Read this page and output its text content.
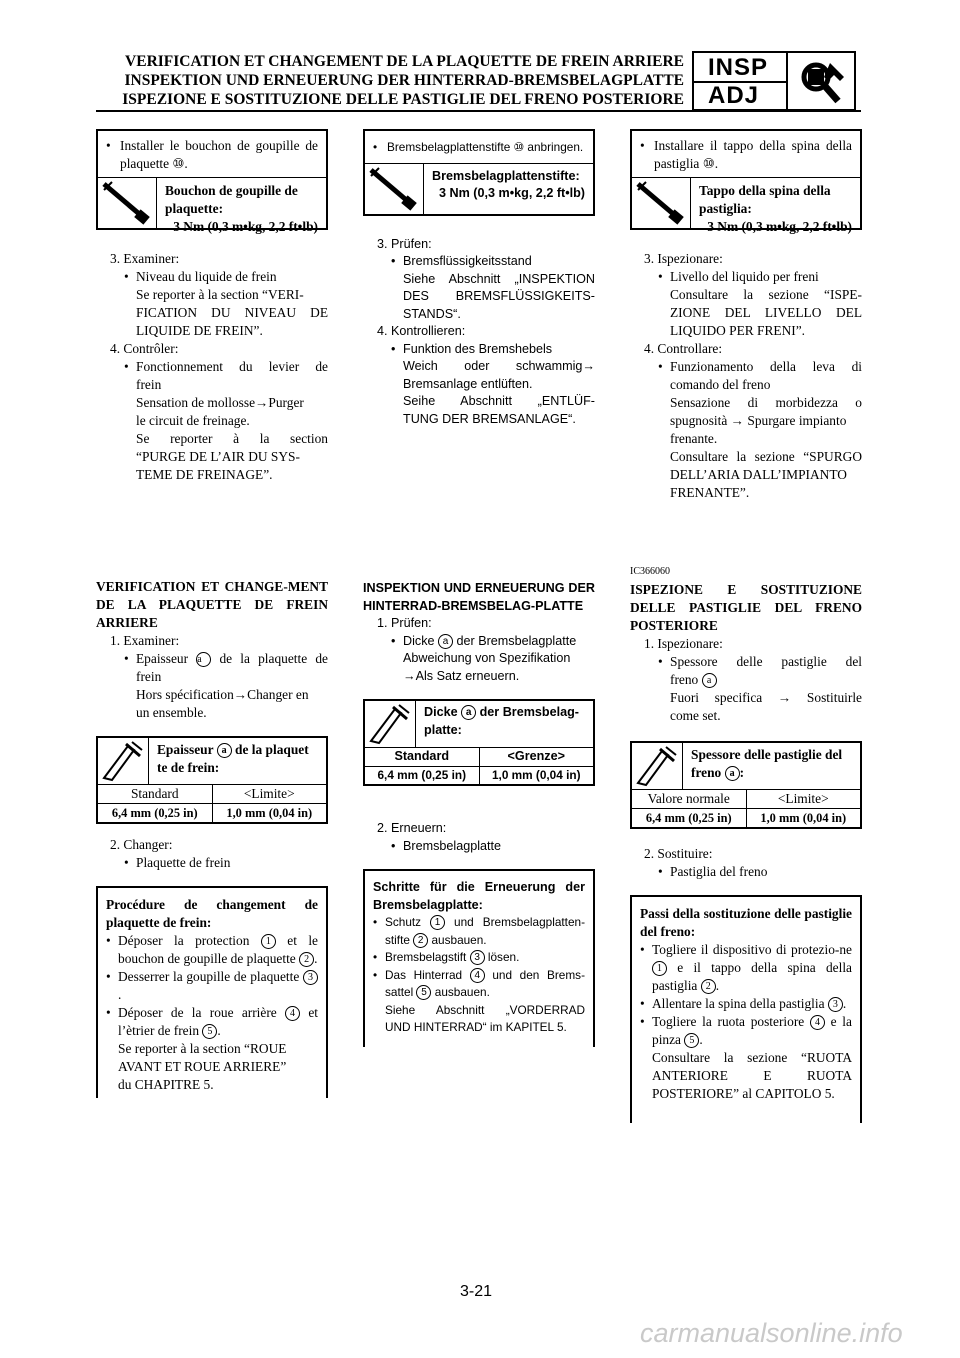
VERIFICATION ET CHANGEMENT DE LA PLAQUETTE DE FREIN ARRIERE
INSPEKTION UND ERNEUERUNG DER HINTERRAD-BREMSBELAGPLATTE
ISPEZIONE E SOSTITUZIONE DELLE PASTIGLIE DEL FRENO POSTERIORE
INSP
ADJ

• Installer le bouchon de goupille de plaquette ⑩.

Bouchon de goupille de plaquette:
3 Nm (0,3 m•kg, 2,2 ft•lb)

3. Examiner:

• Niveau du liquide de frein

Se reporter à la section “VERI-

FICATION DU NIVEAU DE

LIQUIDE DE FREIN”.

4. Contrôler:

• Fonctionnement du levier de

frein

Sensation de mollosse→Purger

le circuit de freinage.

Se reporter à la section

“PURGE DE L’AIR DU SYS-

TEME DE FREINAGE”.

VERIFICATION ET CHANGE-MENT DE LA PLAQUETTE DE FREIN ARRIERE

1. Examiner:

• Epaisseur a de la plaquette de

frein

Hors spécification→Changer en

un ensemble.

Epaisseur a de la plaquet te de frein:
Standard	<Limite>
6,4 mm (0,25 in)	1,0 mm (0,04 in)

2. Changer:

• Plaquette de frein

Procédure de changement de plaquette de frein:

• Déposer la protection 1 et le bouchon de goupille de plaquette 2 .

• Desserrer la goupille de plaquette 3.

• Déposer de la roue arrière 4 et l’ètrier de frein 5 .

Se reporter à la section “ROUE

AVANT ET ROUE ARRIERE”

du CHAPITRE 5.

• Bremsbelagplattenstifte ⑩ anbringen.

Bremsbelagplattenstifte:
3 Nm (0,3 m•kg, 2,2 ft•lb)

3. Prüfen:

• Bremsflüssigkeitsstand

Siehe Abschnitt „INSPEKTION

DES BREMSFLÜSSIGKEITS-

STANDS“.

4. Kontrollieren:

• Funktion des Bremshebels

Weich oder schwammig→

Bremsanlage entlüften.

Seihe Abschnitt „ENTLÜF-

TUNG DER BREMSANLAGE“.

INSPEKTION UND ERNEUERUNG DER HINTERRAD-BREMSBELAG-PLATTE

1. Prüfen:

• Dicke a der Bremsbelagplatte

Abweichung von Spezifikation

→Als Satz erneuern.

Dicke a der Bremsbelag-platte:
Standard	<Grenze>
6,4 mm (0,25 in)	1,0 mm (0,04 in)

2. Erneuern:

• Bremsbelagplatte

Schritte für die Erneuerung der Bremsbelagplatte:

• Schutz 1 und Bremsbelagplatten-stifte 2 ausbauen.

• Bremsbelagstift 3 lösen.

• Das Hinterrad 4 und den Brems-sattel 5 ausbauen.

Siehe Abschnitt „VORDERRAD

UND HINTERRAD“ im KAPITEL 5.

• Installare il tappo della spina della pastiglia ⑩.

Tappo della spina della pastiglia:
3 Nm (0,3 m•kg, 2,2 ft•lb)

3. Ispezionare:

• Livello del liquido per freni

Consultare la sezione “ISPE-

ZIONE DEL LIVELLO DEL

LIQUIDO PER FRENI”.

4. Controllare:

• Funzionamento della leva di

comando del freno

Sensazione di morbidezza o

spugnosità → Spurgare impianto

frenante.

Consultare la sezione “SPURGO

DELL’ARIA DALL’IMPIANTO

FRENANTE”.

IC366060
ISPEZIONE E SOSTITUZIONE DELLE PASTIGLIE DEL FRENO POSTERIORE

1. Ispezionare:

• Spessore delle pastiglie del

freno a

Fuori specifica → Sostituirle

come set.

Spessore delle pastiglie del freno a :
Valore normale	<Limite>
6,4 mm (0,25 in)	1,0 mm (0,04 in)

2. Sostituire:

• Pastiglia del freno

Passi della sostituzione delle pastiglie del freno:

• Togliere il dispositivo di protezio-ne 1 e il tappo della spina della pastiglia 2 .

• Allentare la spina della pastiglia 3 .

• Togliere la ruota posteriore 4 e la pinza 5 .

Consultare la sezione “RUOTA

ANTERIORE E RUOTA

POSTERIORE” al CAPITOLO 5.

3-21
carmanualsonline.info
